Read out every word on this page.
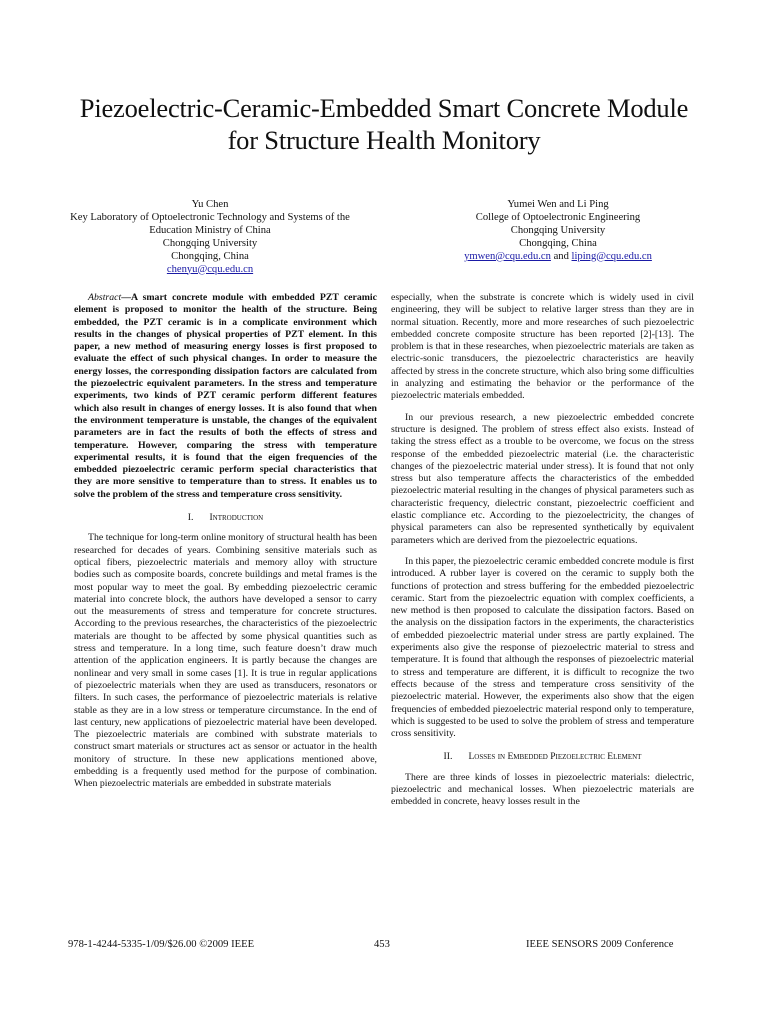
Piezoelectric-Ceramic-Embedded Smart Concrete Module
for Structure Health Monitory
Yu Chen
Key Laboratory of Optoelectronic Technology and Systems of the
Education Ministry of China
Chongqing University
Chongqing, China
chenyu@cqu.edu.cn
Yumei Wen and Li Ping
College of Optoelectronic Engineering
Chongqing University
Chongqing, China
ymwen@cqu.edu.cn and liping@cqu.edu.cn

Abstract—A smart concrete module with embedded PZT ceramic element is proposed to monitor the health of the structure. Being embedded, the PZT ceramic is in a complicate environment which results in the changes of physical properties of PZT element. In this paper, a new method of measuring energy losses is first proposed to evaluate the effect of such physical changes. In order to measure the energy losses, the corresponding dissipation factors are calculated from the piezoelectric equivalent parameters. In the stress and temperature experiments, two kinds of PZT ceramic perform different features which also result in changes of energy losses. It is also found that when the environment temperature is unstable, the changes of the equivalent parameters are in fact the results of both the effects of stress and temperature. However, comparing the stress with temperature experimental results, it is found that the eigen frequencies of the embedded piezoelectric ceramic perform special characteristics that they are more sensitive to temperature than to stress. It enables us to solve the problem of the stress and temperature cross sensitivity.

I. Introduction

The technique for long-term online monitory of structural health has been researched for decades of years. Combining sensitive materials such as optical fibers, piezoelectric materials and memory alloy with structure bodies such as composite boards, concrete buildings and metal frames is the most popular way to meet the goal. By embedding piezoelectric ceramic material into concrete block, the authors have developed a sensor to carry out the measurements of stress and temperature for concrete structures. According to the previous researches, the characteristics of the piezoelectric materials are thought to be affected by some physical quantities such as stress and temperature. In a long time, such feature doesn’t draw much attention of the application engineers. It is partly because the changes are nonlinear and very small in some cases [1]. It is true in regular applications of piezoelectric materials when they are used as transducers, resonators or filters. In such cases, the performance of piezoelectric materials is relative stable as they are in a low stress or temperature circumstance. In the end of last century, new applications of piezoelectric material have been developed. The piezoelectric materials are combined with substrate materials to construct smart materials or structures act as sensor or actuator in the health monitory of structure. In these new applications mentioned above, embedding is a frequently used method for the purpose of combination. When piezoelectric materials are embedded in substrate materials

especially, when the substrate is concrete which is widely used in civil engineering, they will be subject to relative larger stress than they are in normal situation. Recently, more and more researches of such piezoelectric embedded concrete composite structure has been reported [2]-[13]. The problem is that in these researches, when piezoelectric materials are taken as electric-sonic transducers, the piezoelectric characteristics are heavily affected by stress in the concrete structure, which also bring some difficulties in analyzing and estimating the behavior or the performance of the piezoelectric materials embedded.

In our previous research, a new piezoelectric embedded concrete structure is designed. The problem of stress effect also exists. Instead of taking the stress effect as a trouble to be overcome, we focus on the stress response of the embedded piezoelectric material (i.e. the characteristic changes of the piezoelectric material under stress). It is found that not only stress but also temperature affects the characteristics of the embedded piezoelectric material resulting in the changes of physical parameters such as characteristic frequency, dielectric constant, piezoelectric coefficient and elastic compliance etc. According to the piezoelectricity, the changes of physical parameters can also be represented synthetically by equivalent parameters which are derived from the piezoelectric equations.

In this paper, the piezoelectric ceramic embedded concrete module is first introduced. A rubber layer is covered on the ceramic to supply both the functions of protection and stress buffering for the embedded piezoelectric ceramic. Start from the piezoelectric equation with complex coefficients, a new method is then proposed to calculate the dissipation factors. Based on the analysis on the dissipation factors in the experiments, the characteristics of embedded piezoelectric material under stress are partly explained. The experiments also give the response of piezoelectric material to stress and temperature. It is found that although the responses of piezoelectric material to stress and temperature are different, it is difficult to recognize the two effects because of the stress and temperature cross sensitivity of the piezoelectric material. However, the experiments also show that the eigen frequencies of embedded piezoelectric material respond only to temperature, which is suggested to be used to solve the problem of stress and temperature cross sensitivity.

II. Losses in Embedded Piezoelectric Element

There are three kinds of losses in piezoelectric materials: dielectric, piezoelectric and mechanical losses. When piezoelectric materials are embedded in concrete, heavy losses result in the

978-1-4244-5335-1/09/$26.00 ©2009 IEEE	453	IEEE SENSORS 2009 Conference
